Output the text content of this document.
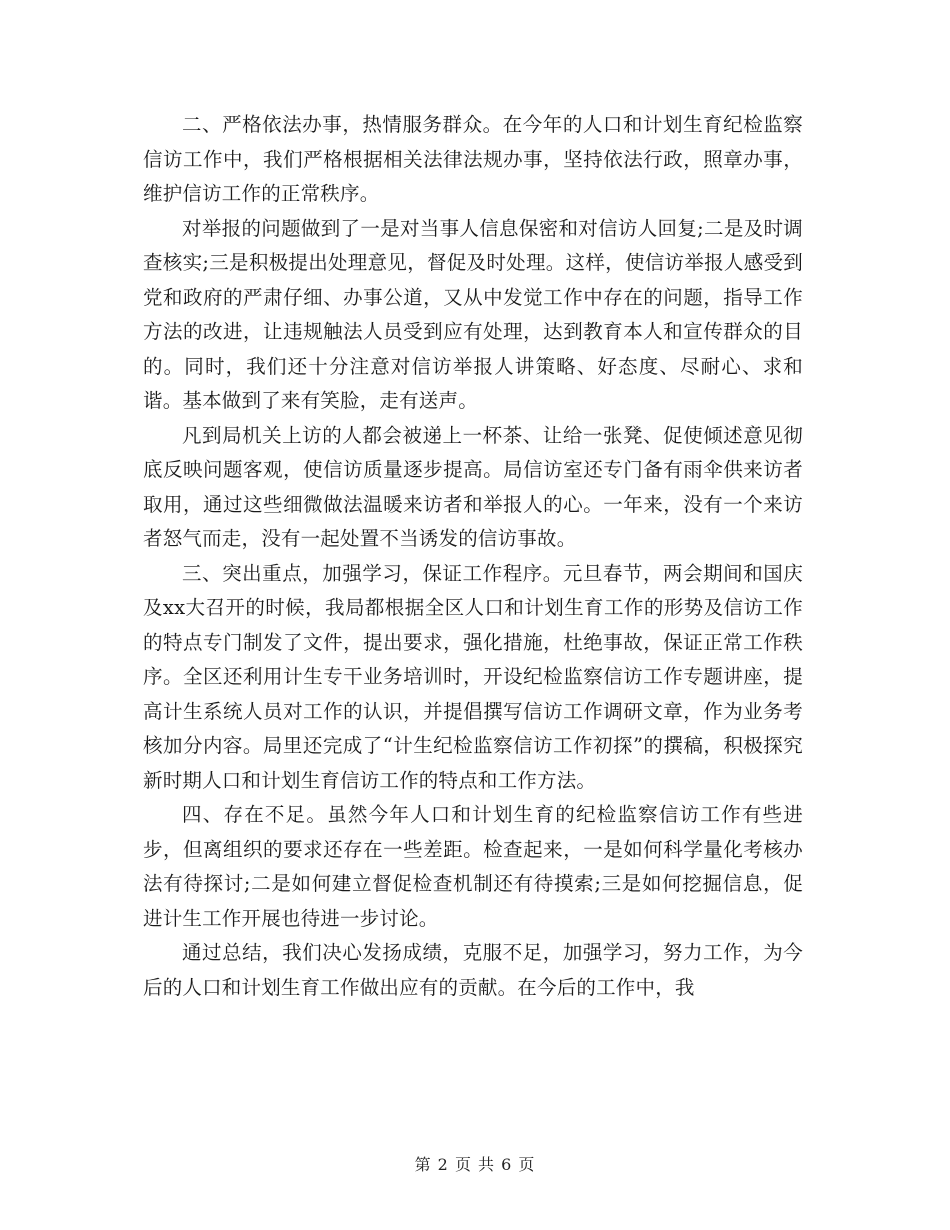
二、严格依法办事，热情服务群众。在今年的人口和计划生育纪检监察信访工作中，我们严格根据相关法律法规办事，坚持依法行政，照章办事，维护信访工作的正常秩序。

对举报的问题做到了一是对当事人信息保密和对信访人回复;二是及时调查核实;三是积极提出处理意见，督促及时处理。这样，使信访举报人感受到党和政府的严肃仔细、办事公道，又从中发觉工作中存在的问题，指导工作方法的改进，让违规触法人员受到应有处理，达到教育本人和宣传群众的目的。同时，我们还十分注意对信访举报人讲策略、好态度、尽耐心、求和谐。基本做到了来有笑脸，走有送声。

凡到局机关上访的人都会被递上一杯茶、让给一张凳、促使倾述意见彻底反映问题客观，使信访质量逐步提高。局信访室还专门备有雨伞供来访者取用，通过这些细微做法温暖来访者和举报人的心。一年来，没有一个来访者怒气而走，没有一起处置不当诱发的信访事故。

三、突出重点，加强学习，保证工作程序。元旦春节，两会期间和国庆及xx大召开的时候，我局都根据全区人口和计划生育工作的形势及信访工作的特点专门制发了文件，提出要求，强化措施，杜绝事故，保证正常工作秩序。全区还利用计生专干业务培训时，开设纪检监察信访工作专题讲座，提高计生系统人员对工作的认识，并提倡撰写信访工作调研文章，作为业务考核加分内容。局里还完成了“计生纪检监察信访工作初探”的撰稿，积极探究新时期人口和计划生育信访工作的特点和工作方法。

四、存在不足。虽然今年人口和计划生育的纪检监察信访工作有些进步，但离组织的要求还存在一些差距。检查起来，一是如何科学量化考核办法有待探讨;二是如何建立督促检查机制还有待摸索;三是如何挖掘信息，促进计生工作开展也待进一步讨论。

通过总结，我们决心发扬成绩，克服不足，加强学习，努力工作，为今后的人口和计划生育工作做出应有的贡献。在今后的工作中，我

第 2 页 共 6 页
